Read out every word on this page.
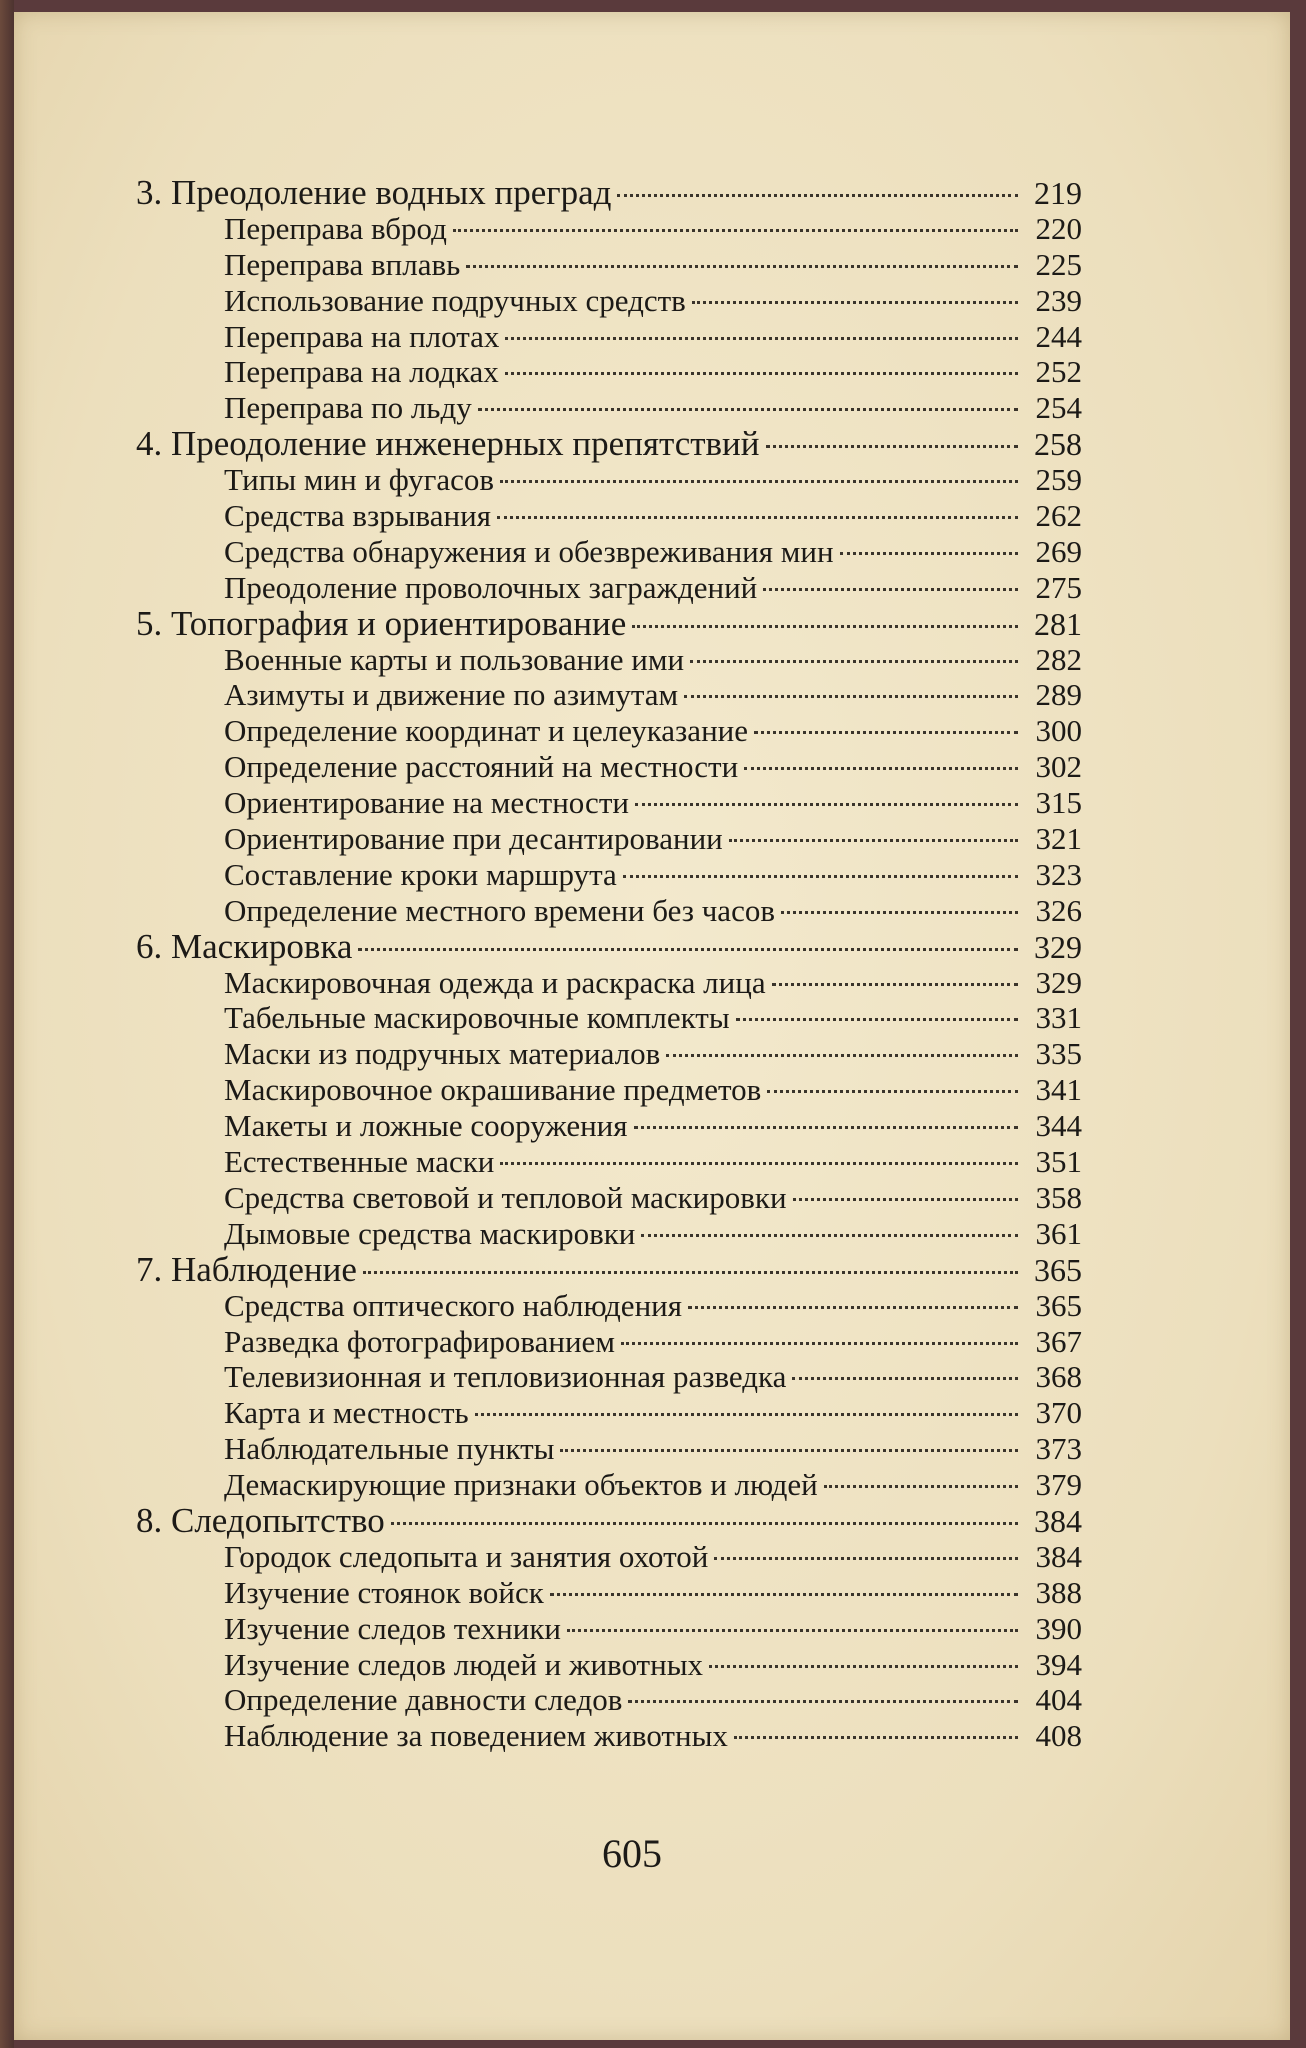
3. Преодоление водных преград	219
Переправа вброд	220
Переправа вплавь	225
Использование подручных средств	239
Переправа на плотах	244
Переправа на лодках	252
Переправа по льду	254
4. Преодоление инженерных препятствий	258
Типы мин и фугасов	259
Средства взрывания	262
Средства обнаружения и обезвреживания мин	269
Преодоление проволочных заграждений	275
5. Топография и ориентирование	281
Военные карты и пользование ими	282
Азимуты и движение по азимутам	289
Определение координат и целеуказание	300
Определение расстояний на местности	302
Ориентирование на местности	315
Ориентирование при десантировании	321
Составление кроки маршрута	323
Определение местного времени без часов	326
6. Маскировка	329
Маскировочная одежда и раскраска лица	329
Табельные маскировочные комплекты	331
Маски из подручных материалов	335
Маскировочное окрашивание предметов	341
Макеты и ложные сооружения	344
Естественные маски	351
Средства световой и тепловой маскировки	358
Дымовые средства маскировки	361
7. Наблюдение	365
Средства оптического наблюдения	365
Разведка фотографированием	367
Телевизионная и тепловизионная разведка	368
Карта и местность	370
Наблюдательные пункты	373
Демаскирующие признаки объектов и людей	379
8. Следопытство	384
Городок следопыта и занятия охотой	384
Изучение стоянок войск	388
Изучение следов техники	390
Изучение следов людей и животных	394
Определение давности следов	404
Наблюдение за поведением животных	408
605
